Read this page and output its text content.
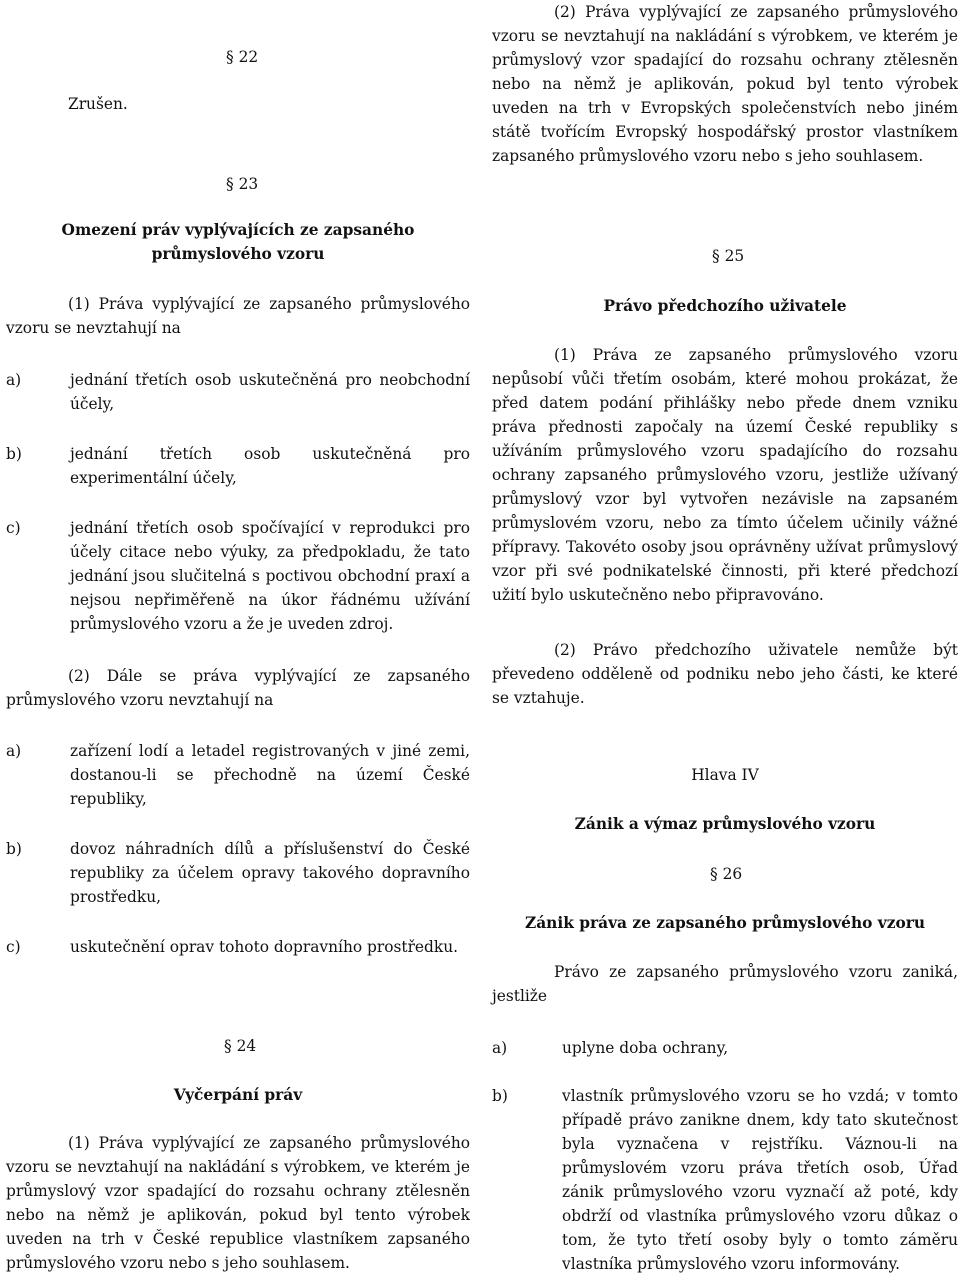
Zrušen.

§ 22

§ 23

Omezení práv vyplývajících ze zapsaného průmyslového vzoru

(1) Práva vyplývající ze zapsaného průmyslového vzoru se nevztahují na

a)	jednání třetích osob uskutečněná pro neobchodní účely,
b)	jednání třetích osob uskutečněná pro experimentální účely,
c)	jednání třetích osob spočívající v reprodukci pro účely citace nebo výuky, za předpokladu, že tato jednání jsou slučitelná s poctivou obchodní praxí a nejsou nepřiměřeně na úkor řádnému užívání průmyslového vzoru a že je uveden zdroj.

(2) Dále se práva vyplývající ze zapsaného průmyslového vzoru nevztahují na

a)	zařízení lodí a letadel registrovaných v jiné zemi, dostanou-li se přechodně na území České republiky,
b)	dovoz náhradních dílů a příslušenství do České republiky za účelem opravy takového dopravního prostředku,
c)	uskutečnění oprav tohoto dopravního prostředku.

§ 24

Vyčerpání práv

(1) Práva vyplývající ze zapsaného průmyslového vzoru se nevztahují na nakládání s výrobkem, ve kterém je průmyslový vzor spadající do rozsahu ochrany ztělesněn nebo na němž je aplikován, pokud byl tento výrobek uveden na trh v České republice vlastníkem zapsaného průmyslového vzoru nebo s jeho souhlasem.

(2) Práva vyplývající ze zapsaného průmyslového vzoru se nevztahují na nakládání s výrobkem, ve kterém je průmyslový vzor spadající do rozsahu ochrany ztělesněn nebo na němž je aplikován, pokud byl tento výrobek uveden na trh v Evropských společenstvích nebo jiném státě tvořícím Evropský hospodářský prostor vlastníkem zapsaného průmyslového vzoru nebo s jeho souhlasem.

§ 25

Právo předchozího uživatele

(1) Práva ze zapsaného průmyslového vzoru nepůsobí vůči třetím osobám, které mohou prokázat, že před datem podání přihlášky nebo přede dnem vzniku práva přednosti započaly na území České republiky s užíváním průmyslového vzoru spadajícího do rozsahu ochrany zapsaného průmyslového vzoru, jestliže užívaný průmyslový vzor byl vytvořen nezávisle na zapsaném průmyslovém vzoru, nebo za tímto účelem učinily vážné přípravy. Takovéto osoby jsou oprávněny užívat průmyslový vzor při své podnikatelské činnosti, při které předchozí užití bylo uskutečněno nebo připravováno.

(2) Právo předchozího uživatele nemůže být převedeno odděleně od podniku nebo jeho části, ke které se vztahuje.

Hlava IV

Zánik a výmaz průmyslového vzoru

§ 26

Zánik práva ze zapsaného průmyslového vzoru

Právo ze zapsaného průmyslového vzoru zaniká, jestliže

a)	uplyne doba ochrany,
b)	vlastník průmyslového vzoru se ho vzdá; v tomto případě právo zanikne dnem, kdy tato skutečnost byla vyznačena v rejstříku. Váznou-li na průmyslovém vzoru práva třetích osob, Úřad zánik průmyslového vzoru vyznačí až poté, kdy obdrží od vlastníka průmyslového vzoru důkaz o tom, že tyto třetí osoby byly o tomto záměru vlastníka průmyslového vzoru informovány.
